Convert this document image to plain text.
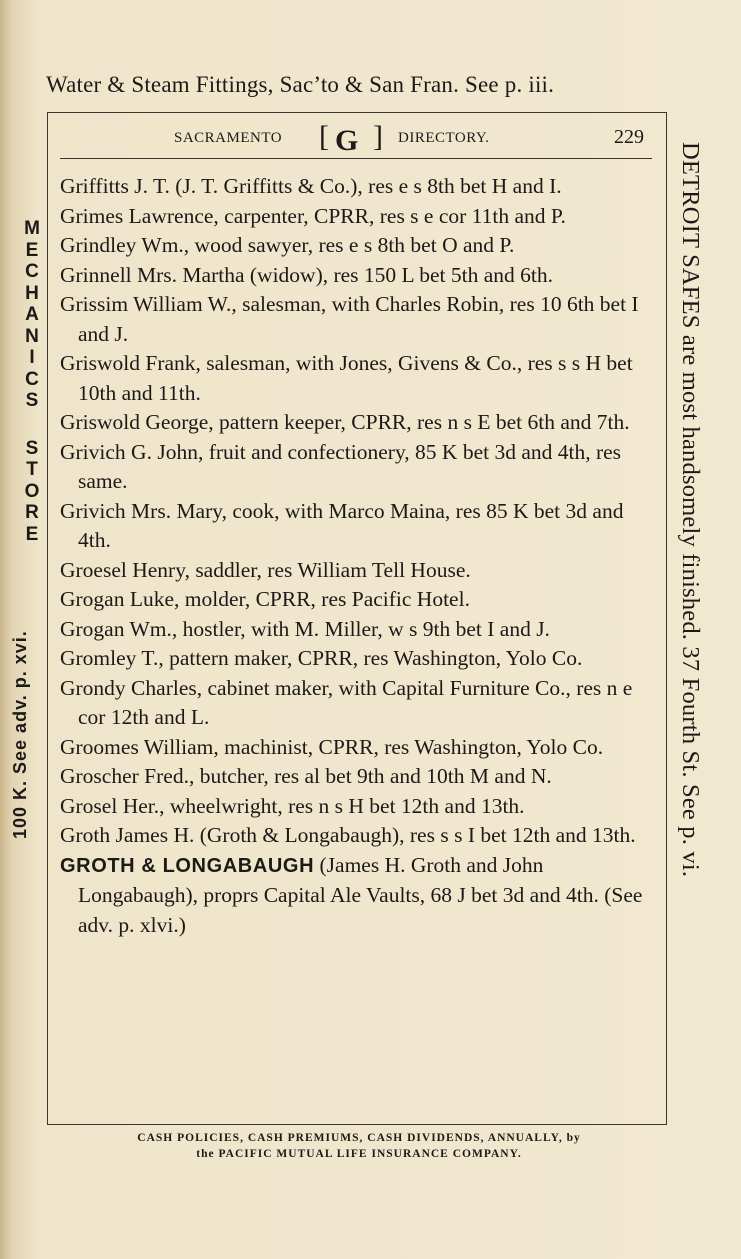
Water & Steam Fittings, Sac’to & San Fran. See p. iii.
SACRAMENTO [ G ] DIRECTORY.	229

Griffitts J. T. (J. T. Griffitts & Co.), res e s 8th bet H and I.

Grimes Lawrence, carpenter, CPRR, res s e cor 11th and P.

Grindley Wm., wood sawyer, res e s 8th bet O and P.

Grinnell Mrs. Martha (widow), res 150 L bet 5th and 6th.

Grissim William W., salesman, with Charles Robin, res 10 6th bet I and J.

Griswold Frank, salesman, with Jones, Givens & Co., res s s H bet 10th and 11th.

Griswold George, pattern keeper, CPRR, res n s E bet 6th and 7th.

Grivich G. John, fruit and confectionery, 85 K bet 3d and 4th, res same.

Grivich Mrs. Mary, cook, with Marco Maina, res 85 K bet 3d and 4th.

Groesel Henry, saddler, res William Tell House.

Grogan Luke, molder, CPRR, res Pacific Hotel.

Grogan Wm., hostler, with M. Miller, w s 9th bet I and J.

Gromley T., pattern maker, CPRR, res Washington, Yolo Co.

Grondy Charles, cabinet maker, with Capital Furniture Co., res n e cor 12th and L.

Groomes William, machinist, CPRR, res Washington, Yolo Co.

Groscher Fred., butcher, res al bet 9th and 10th M and N.

Grosel Her., wheelwright, res n s H bet 12th and 13th.

Groth James H. (Groth & Longabaugh), res s s I bet 12th and 13th.

GROTH & LONGABAUGH (James H. Groth and John Longabaugh), proprs Capital Ale Vaults, 68 J bet 3d and 4th. (See adv. p. xlvi.)

M
E
C
H
A
N
I
C
S
S
T
O
R
E
100 K. See adv. p. xvi.	DETROIT SAFES are most handsomely finished. 37 Fourth St. See p. vi.
CASH POLICIES, CASH PREMIUMS, CASH DIVIDENDS, ANNUALLY, by
the PACIFIC MUTUAL LIFE INSURANCE COMPANY.
